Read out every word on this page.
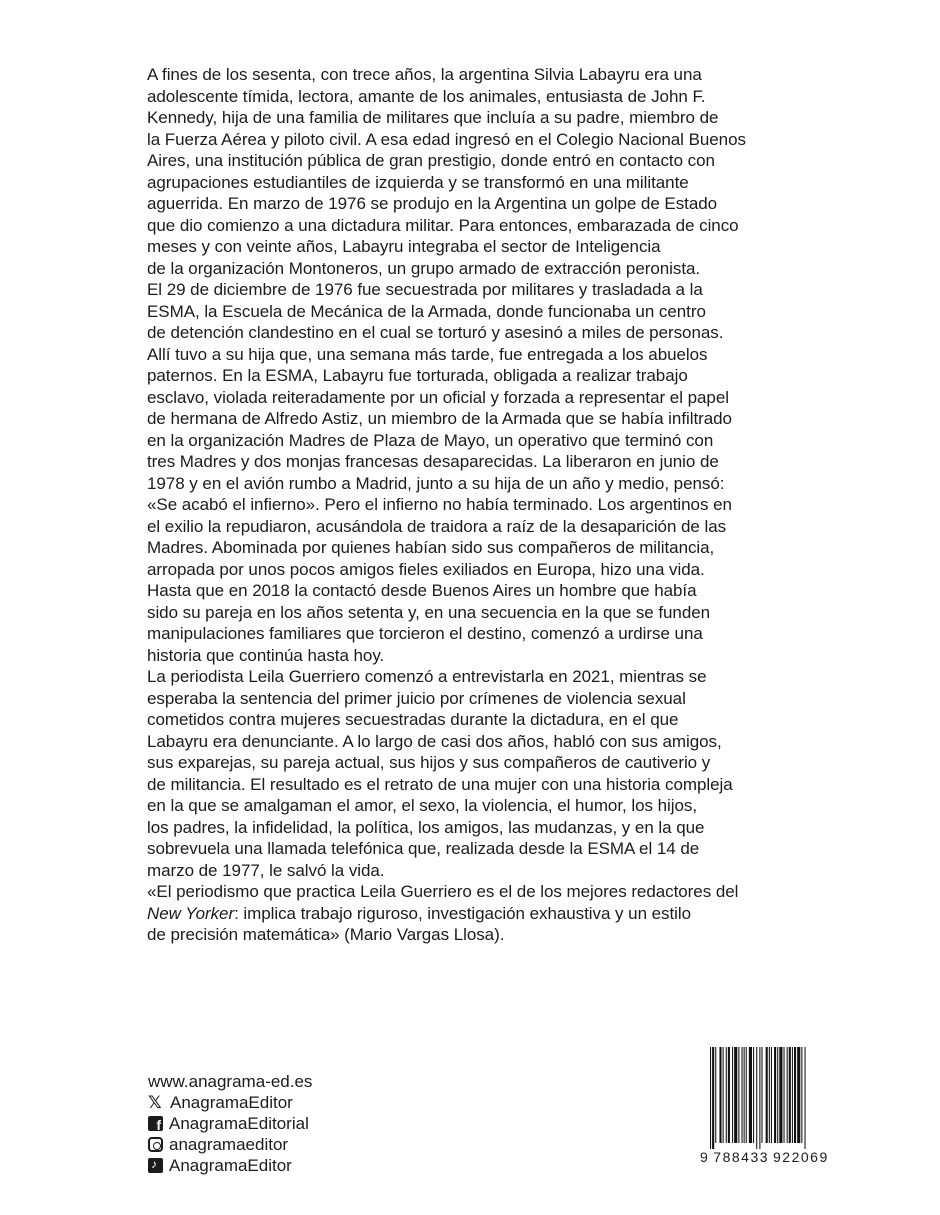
A fines de los sesenta, con trece años, la argentina Silvia Labayru era una
adolescente tímida, lectora, amante de los animales, entusiasta de John F.
Kennedy, hija de una familia de militares que incluía a su padre, miembro de
la Fuerza Aérea y piloto civil. A esa edad ingresó en el Colegio Nacional Buenos
Aires, una institución pública de gran prestigio, donde entró en contacto con
agrupaciones estudiantiles de izquierda y se transformó en una militante
aguerrida. En marzo de 1976 se produjo en la Argentina un golpe de Estado
que dio comienzo a una dictadura militar. Para entonces, embarazada de cinco
meses y con veinte años, Labayru integraba el sector de Inteligencia
de la organización Montoneros, un grupo armado de extracción peronista.
El 29 de diciembre de 1976 fue secuestrada por militares y trasladada a la
ESMA, la Escuela de Mecánica de la Armada, donde funcionaba un centro
de detención clandestino en el cual se torturó y asesinó a miles de personas.
Allí tuvo a su hija que, una semana más tarde, fue entregada a los abuelos
paternos. En la ESMA, Labayru fue torturada, obligada a realizar trabajo
esclavo, violada reiteradamente por un oficial y forzada a representar el papel
de hermana de Alfredo Astiz, un miembro de la Armada que se había infiltrado
en la organización Madres de Plaza de Mayo, un operativo que terminó con
tres Madres y dos monjas francesas desaparecidas. La liberaron en junio de
1978 y en el avión rumbo a Madrid, junto a su hija de un año y medio, pensó:
«Se acabó el infierno». Pero el infierno no había terminado. Los argentinos en
el exilio la repudiaron, acusándola de traidora a raíz de la desaparición de las
Madres. Abominada por quienes habían sido sus compañeros de militancia,
arropada por unos pocos amigos fieles exiliados en Europa, hizo una vida.
Hasta que en 2018 la contactó desde Buenos Aires un hombre que había
sido su pareja en los años setenta y, en una secuencia en la que se funden
manipulaciones familiares que torcieron el destino, comenzó a urdirse una
historia que continúa hasta hoy.
La periodista Leila Guerriero comenzó a entrevistarla en 2021, mientras se
esperaba la sentencia del primer juicio por crímenes de violencia sexual
cometidos contra mujeres secuestradas durante la dictadura, en el que
Labayru era denunciante. A lo largo de casi dos años, habló con sus amigos,
sus exparejas, su pareja actual, sus hijos y sus compañeros de cautiverio y
de militancia. El resultado es el retrato de una mujer con una historia compleja
en la que se amalgaman el amor, el sexo, la violencia, el humor, los hijos,
los padres, la infidelidad, la política, los amigos, las mudanzas, y en la que
sobrevuela una llamada telefónica que, realizada desde la ESMA el 14 de
marzo de 1977, le salvó la vida.
«El periodismo que practica Leila Guerriero es el de los mejores redactores del
New Yorker: implica trabajo riguroso, investigación exhaustiva y un estilo
de precisión matemática» (Mario Vargas Llosa).
www.anagrama-ed.es
𝕏 AnagramaEditor
f
AnagramaEditorial
anagramaeditor
♪
AnagramaEditor	9 788433 922069
